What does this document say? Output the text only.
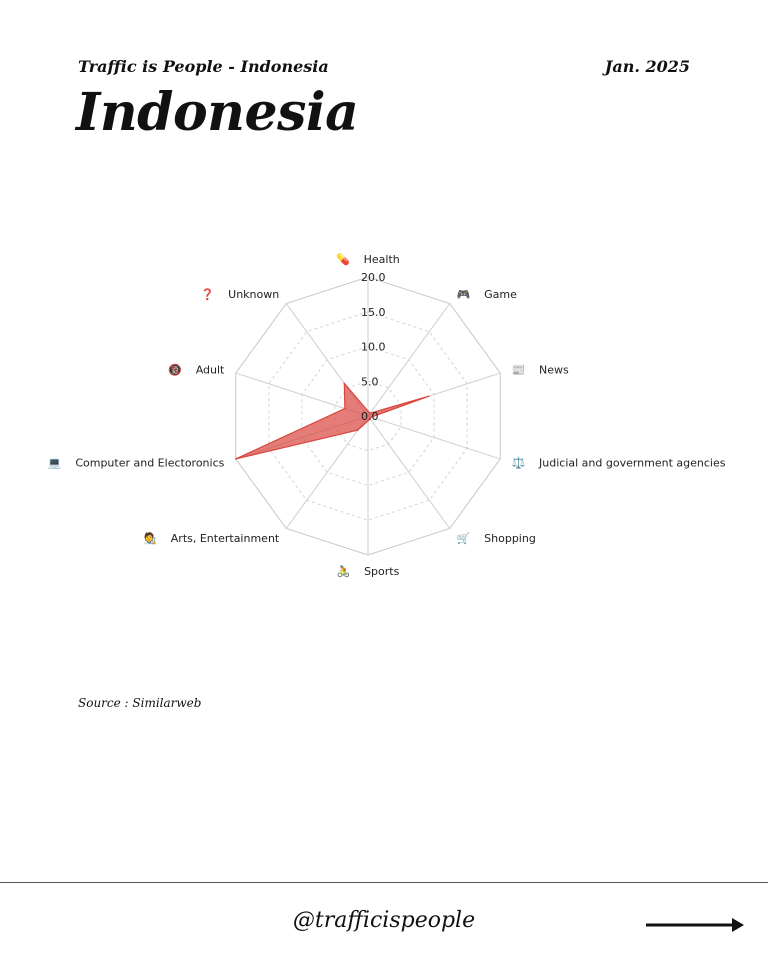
Traffic is People - Indonesia	Jan. 2025
Indonesia
0.0
5.0
10.0
15.0
20.0
💊 Health
🎮 Game
📰 News
⚖ Judicial and government agencies
🛒 Shopping
🚴 Sports
🧑‍🎨 Arts, Entertainment
💻 Computer and Electoronics
🔞 Adult
❓ Unknown
Source : Similarweb
@trafficispeople
